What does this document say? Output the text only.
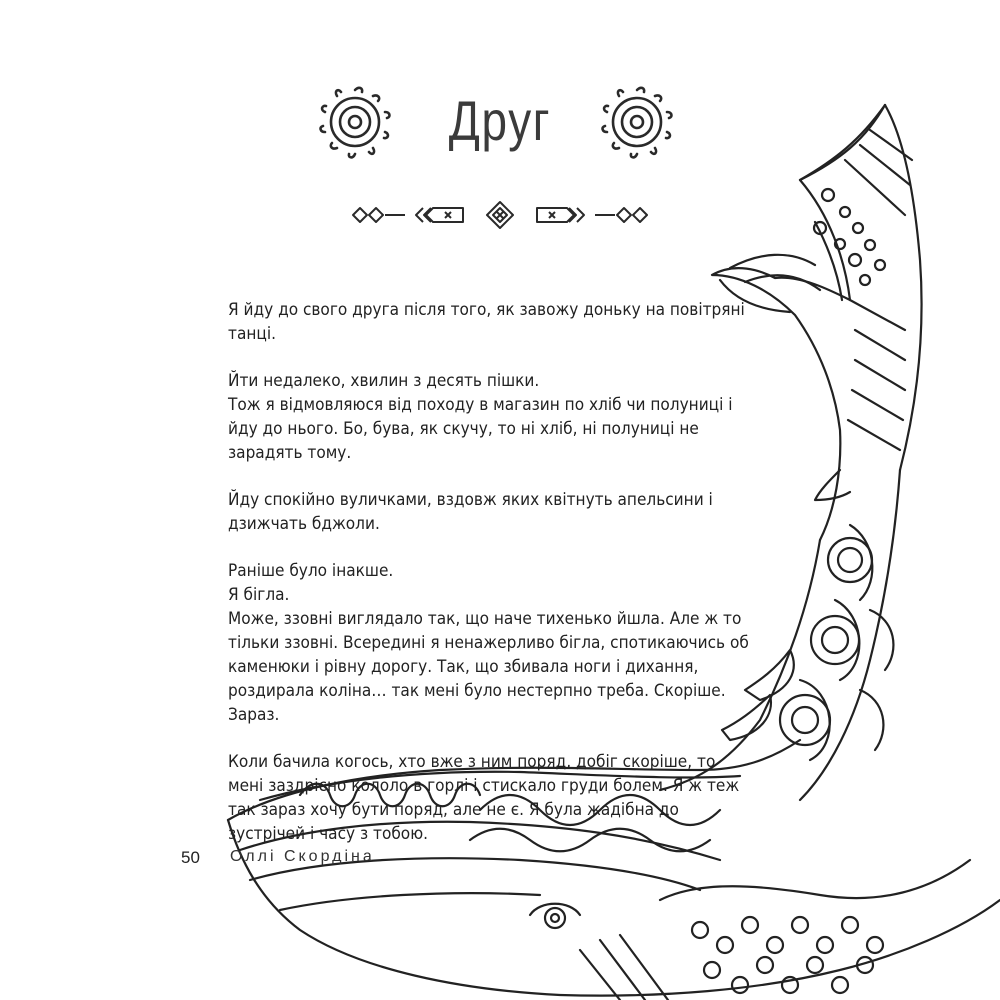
Друг

Я йду до свого друга після того, як завожу доньку на повітряні танці.

Йти недалеко, хвилин з десять пішки.
Тож я відмовляюся від походу в магазин по хліб чи полуниці і йду до нього. Бо, бува, як скучу, то ні хліб, ні полуниці не зарадять тому.

Йду спокійно вуличками, вздовж яких квітнуть апельсини і дзижчать бджоли.

Раніше було інакше.
Я бігла.
Може, ззовні виглядало так, що наче тихенько йшла. Але ж то тільки ззовні. Всередині я ненажерливо бігла, спотикаючись об каменюки і рівну дорогу. Так, що збивала ноги і дихання, роздирала коліна… так мені було нестерпно треба. Скоріше. Зараз.

Коли бачила когось, хто вже з ним поряд, добіг скоріше, то мені заздрісно кололо в горлі і стискало груди болем. Я ж теж так зараз хочу бути поряд, але не є. Я була жадібна до зустрічей і часу з тобою.

50 Оллі Скордіна
